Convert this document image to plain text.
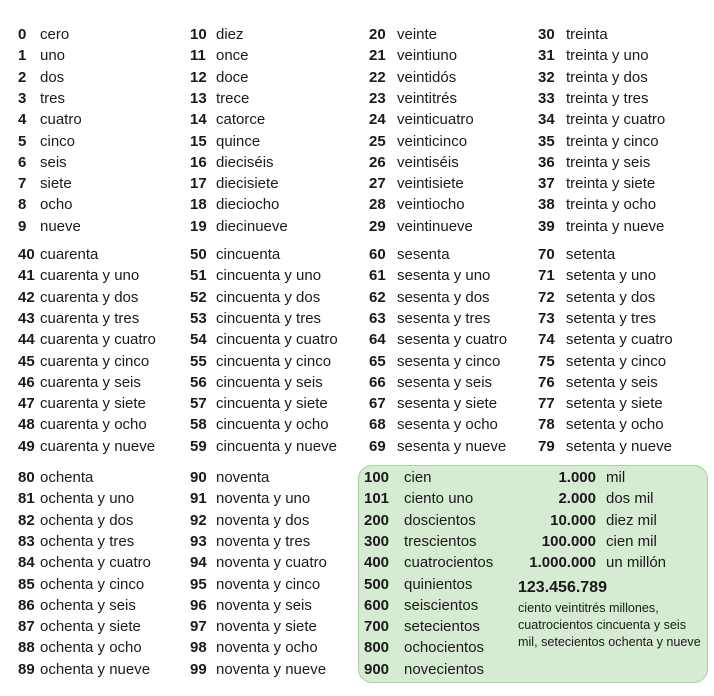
0 cero
1 uno
2 dos
3 tres
4 cuatro
5 cinco
6 seis
7 siete
8 ocho
9 nueve
10 diez
11 once
12 doce
13 trece
14 catorce
15 quince
16 dieciséis
17 diecisiete
18 dieciocho
19 diecinueve
20 veinte
21 veintiuno
22 veintidós
23 veintitrés
24 veinticuatro
25 veinticinco
26 veintiséis
27 veintisiete
28 veintiocho
29 veintinueve
30 treinta
31 treinta y uno
32 treinta y dos
33 treinta y tres
34 treinta y cuatro
35 treinta y cinco
36 treinta y seis
37 treinta y siete
38 treinta y ocho
39 treinta y nueve
40 cuarenta
41 cuarenta y uno
42 cuarenta y dos
43 cuarenta y tres
44 cuarenta y cuatro
45 cuarenta y cinco
46 cuarenta y seis
47 cuarenta y siete
48 cuarenta y ocho
49 cuarenta y nueve
50 cincuenta
51 cincuenta y uno
52 cincuenta y dos
53 cincuenta y tres
54 cincuenta y cuatro
55 cincuenta y cinco
56 cincuenta y seis
57 cincuenta y siete
58 cincuenta y ocho
59 cincuenta y nueve
60 sesenta
61 sesenta y uno
62 sesenta y dos
63 sesenta y tres
64 sesenta y cuatro
65 sesenta y cinco
66 sesenta y seis
67 sesenta y siete
68 sesenta y ocho
69 sesenta y nueve
70 setenta
71 setenta y uno
72 setenta y dos
73 setenta y tres
74 setenta y cuatro
75 setenta y cinco
76 setenta y seis
77 setenta y siete
78 setenta y ocho
79 setenta y nueve
80 ochenta
81 ochenta y uno
82 ochenta y dos
83 ochenta y tres
84 ochenta y cuatro
85 ochenta y cinco
86 ochenta y seis
87 ochenta y siete
88 ochenta y ocho
89 ochenta y nueve
90 noventa
91 noventa y uno
92 noventa y dos
93 noventa y tres
94 noventa y cuatro
95 noventa y cinco
96 noventa y seis
97 noventa y siete
98 noventa y ocho
99 noventa y nueve
100 cien
101 ciento uno
200 doscientos
300 trescientos
400 cuatrocientos
500 quinientos
600 seiscientos
700 setecientos
800 ochocientos
900 novecientos
1.000 mil
2.000 dos mil
10.000 diez mil
100.000 cien mil
1.000.000 un millón
123.456.789
ciento veintitrés millones, cuatrocientos cincuenta y seis mil, setecientos ochenta y nueve
